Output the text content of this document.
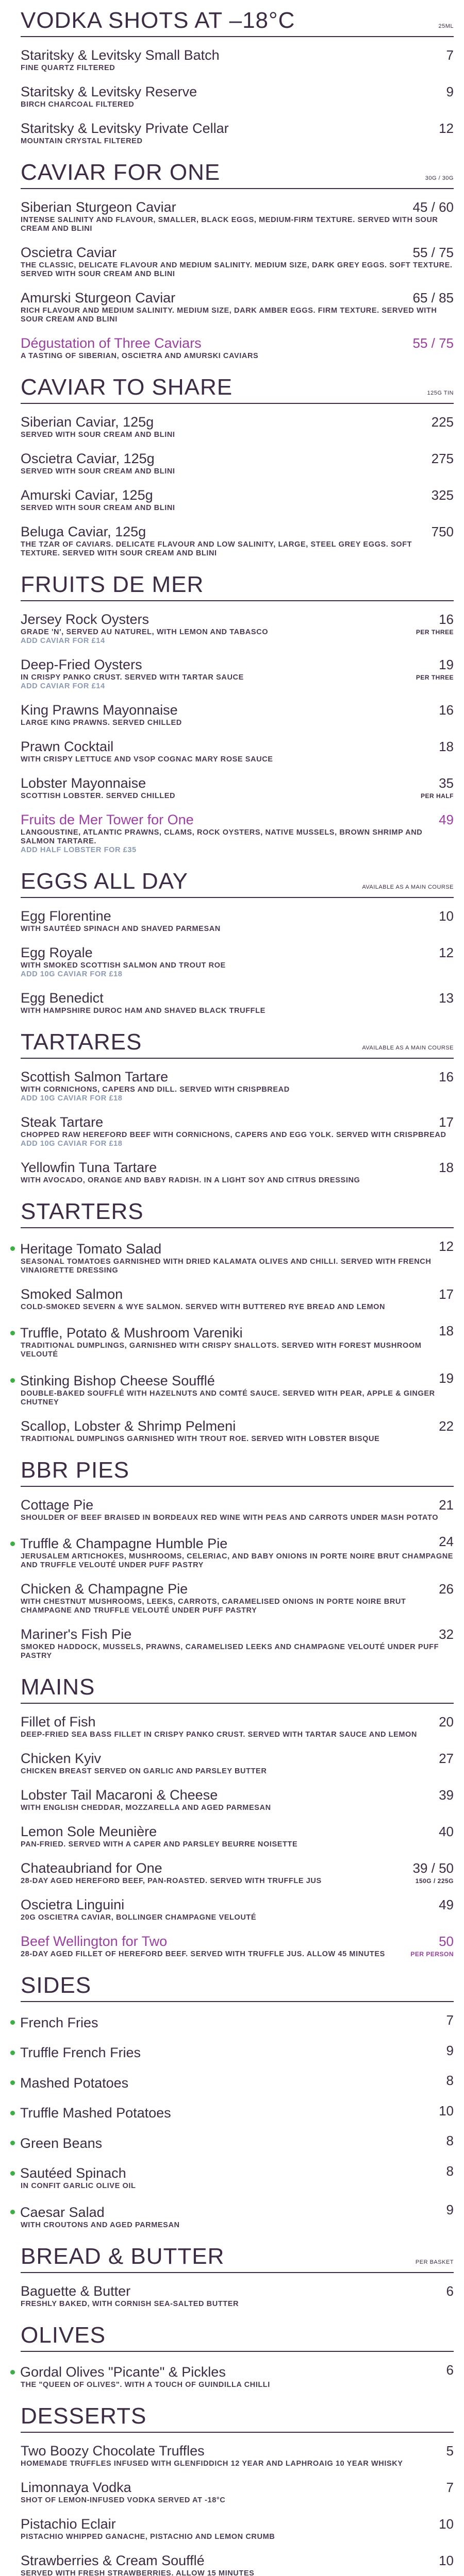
VODKA SHOTS AT –18°C	25ML
Staritsky & Levitsky Small Batch	7
FINE QUARTZ FILTERED
Staritsky & Levitsky Reserve	9
BIRCH CHARCOAL FILTERED
Staritsky & Levitsky Private Cellar	12
MOUNTAIN CRYSTAL FILTERED
CAVIAR FOR ONE	30G / 30G
Siberian Sturgeon Caviar	45 / 60
INTENSE SALINITY AND FLAVOUR, SMALLER, BLACK EGGS, MEDIUM-FIRM TEXTURE. SERVED WITH SOUR CREAM AND BLINI
Oscietra Caviar	55 / 75
THE CLASSIC, DELICATE FLAVOUR AND MEDIUM SALINITY. MEDIUM SIZE, DARK GREY EGGS. SOFT TEXTURE. SERVED WITH SOUR CREAM AND BLINI
Amurski Sturgeon Caviar	65 / 85
RICH FLAVOUR AND MEDIUM SALINITY. MEDIUM SIZE, DARK AMBER EGGS. FIRM TEXTURE. SERVED WITH SOUR CREAM AND BLINI
Dégustation of Three Caviars	55 / 75
A TASTING OF SIBERIAN, OSCIETRA AND AMURSKI CAVIARS
CAVIAR TO SHARE	125G TIN
Siberian Caviar, 125g	225
SERVED WITH SOUR CREAM AND BLINI
Oscietra Caviar, 125g	275
SERVED WITH SOUR CREAM AND BLINI
Amurski Caviar, 125g	325
SERVED WITH SOUR CREAM AND BLINI
Beluga Caviar, 125g	750
THE TZAR OF CAVIARS. DELICATE FLAVOUR AND LOW SALINITY, LARGE, STEEL GREY EGGS. SOFT TEXTURE. SERVED WITH SOUR CREAM AND BLINI
FRUITS DE MER
Jersey Rock Oysters	16
GRADE 'N', SERVED AU NATUREL, WITH LEMON AND TABASCO	PER THREE
ADD CAVIAR FOR £14
Deep-Fried Oysters	19
IN CRISPY PANKO CRUST. SERVED WITH TARTAR SAUCE	PER THREE
ADD CAVIAR FOR £14
King Prawns Mayonnaise	16
LARGE KING PRAWNS. SERVED CHILLED
Prawn Cocktail	18
WITH CRISPY LETTUCE AND VSOP COGNAC MARY ROSE SAUCE
Lobster Mayonnaise	35
SCOTTISH LOBSTER. SERVED CHILLED	PER HALF
Fruits de Mer Tower for One	49
LANGOUSTINE, ATLANTIC PRAWNS, CLAMS, ROCK OYSTERS, NATIVE MUSSELS, BROWN SHRIMP AND SALMON TARTARE.
ADD HALF LOBSTER FOR £35
EGGS ALL DAY	AVAILABLE AS A MAIN COURSE
Egg Florentine	10
WITH SAUTÉED SPINACH AND SHAVED PARMESAN
Egg Royale	12
WITH SMOKED SCOTTISH SALMON AND TROUT ROE
ADD 10G CAVIAR FOR £18
Egg Benedict	13
WITH HAMPSHIRE DUROC HAM AND SHAVED BLACK TRUFFLE
TARTARES	AVAILABLE AS A MAIN COURSE
Scottish Salmon Tartare	16
WITH CORNICHONS, CAPERS AND DILL. SERVED WITH CRISPBREAD
ADD 10G CAVIAR FOR £18
Steak Tartare	17
CHOPPED RAW HEREFORD BEEF WITH CORNICHONS, CAPERS AND EGG YOLK. SERVED WITH CRISPBREAD
ADD 10G CAVIAR FOR £18
Yellowfin Tuna Tartare	18
WITH AVOCADO, ORANGE AND BABY RADISH. IN A LIGHT SOY AND CITRUS DRESSING
STARTERS
Heritage Tomato Salad	12
SEASONAL TOMATOES GARNISHED WITH DRIED KALAMATA OLIVES AND CHILLI. SERVED WITH FRENCH VINAIGRETTE DRESSING
Smoked Salmon	17
COLD-SMOKED SEVERN & WYE SALMON. SERVED WITH BUTTERED RYE BREAD AND LEMON
Truffle, Potato & Mushroom Vareniki	18
TRADITIONAL DUMPLINGS, GARNISHED WITH CRISPY SHALLOTS. SERVED WITH FOREST MUSHROOM VELOUTÉ
Stinking Bishop Cheese Soufflé	19
DOUBLE-BAKED SOUFFLÉ WITH HAZELNUTS AND COMTÉ SAUCE. SERVED WITH PEAR, APPLE & GINGER CHUTNEY
Scallop, Lobster & Shrimp Pelmeni	22
TRADITIONAL DUMPLINGS GARNISHED WITH TROUT ROE. SERVED WITH LOBSTER BISQUE
BBR PIES
Cottage Pie	21
SHOULDER OF BEEF BRAISED IN BORDEAUX RED WINE WITH PEAS AND CARROTS UNDER MASH POTATO
Truffle & Champagne Humble Pie	24
JERUSALEM ARTICHOKES, MUSHROOMS, CELERIAC, AND BABY ONIONS IN PORTE NOIRE BRUT CHAMPAGNE AND TRUFFLE VELOUTÉ UNDER PUFF PASTRY
Chicken & Champagne Pie	26
WITH CHESTNUT MUSHROOMS, LEEKS, CARROTS, CARAMELISED ONIONS IN PORTE NOIRE BRUT CHAMPAGNE AND TRUFFLE VELOUTÉ UNDER PUFF PASTRY
Mariner's Fish Pie	32
SMOKED HADDOCK, MUSSELS, PRAWNS, CARAMELISED LEEKS AND CHAMPAGNE VELOUTÉ UNDER PUFF PASTRY
MAINS
Fillet of Fish	20
DEEP-FRIED SEA BASS FILLET IN CRISPY PANKO CRUST. SERVED WITH TARTAR SAUCE AND LEMON
Chicken Kyiv	27
CHICKEN BREAST SERVED ON GARLIC AND PARSLEY BUTTER
Lobster Tail Macaroni & Cheese	39
WITH ENGLISH CHEDDAR, MOZZARELLA AND AGED PARMESAN
Lemon Sole Meunière	40
PAN-FRIED. SERVED WITH A CAPER AND PARSLEY BEURRE NOISETTE
Chateaubriand for One	39 / 50
28-DAY AGED HEREFORD BEEF, PAN-ROASTED. SERVED WITH TRUFFLE JUS	150G / 225G
Oscietra Linguini	49
20G OSCIETRA CAVIAR, BOLLINGER CHAMPAGNE VELOUTÉ
Beef Wellington for Two	50
28-DAY AGED FILLET OF HEREFORD BEEF. SERVED WITH TRUFFLE JUS. ALLOW 45 MINUTES	PER PERSON
SIDES
French Fries	7
Truffle French Fries	9
Mashed Potatoes	8
Truffle Mashed Potatoes	10
Green Beans	8
Sautéed Spinach	8
IN CONFIT GARLIC OLIVE OIL
Caesar Salad	9
WITH CROUTONS AND AGED PARMESAN
BREAD & BUTTER	PER BASKET
Baguette & Butter	6
FRESHLY BAKED, WITH CORNISH SEA-SALTED BUTTER
OLIVES
Gordal Olives "Picante" & Pickles	6
THE "QUEEN OF OLIVES". WITH A TOUCH OF GUINDILLA CHILLI
DESSERTS
Two Boozy Chocolate Truffles	5
HOMEMADE TRUFFLES INFUSED WITH GLENFIDDICH 12 YEAR AND LAPHROAIG 10 YEAR WHISKY
Limonnaya Vodka	7
SHOT OF LEMON-INFUSED VODKA SERVED AT -18°C
Pistachio Eclair	10
PISTACHIO WHIPPED GANACHE, PISTACHIO AND LEMON CRUMB
Strawberries & Cream Soufflé	10
SERVED WITH FRESH STRAWBERRIES. ALLOW 15 MINUTES
